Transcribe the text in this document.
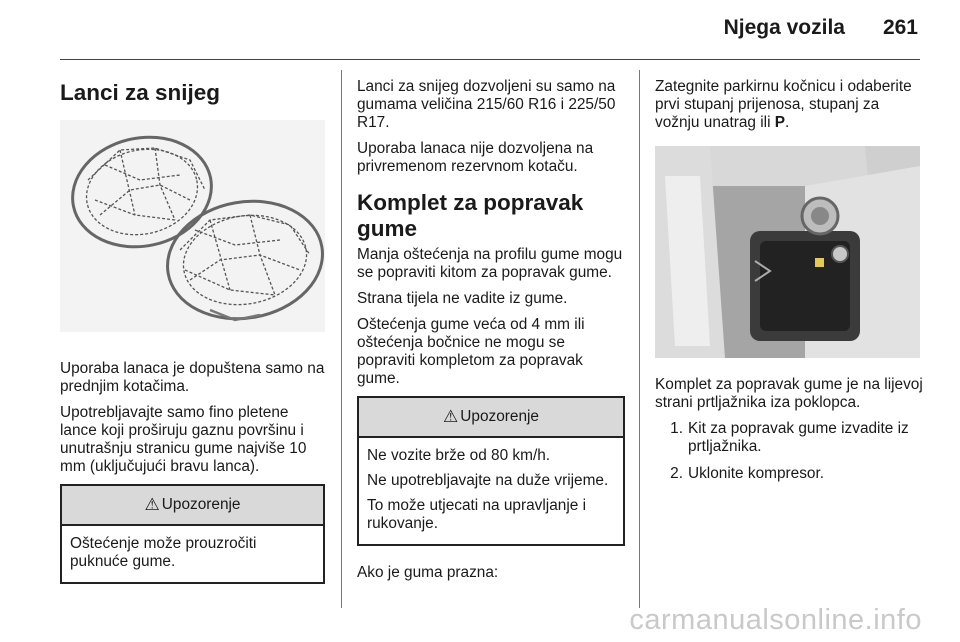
Njega vozila 261
Lanci za snijeg

Uporaba lanaca je dopuštena samo na prednjim kotačima.

Upotrebljavajte samo fino pletene lance koji proširuju gaznu površinu i unutrašnju stranicu gume najviše 10 mm (uključujući bravu lanca).

⚠ Upozorenje

Oštećenje može prouzročiti puknuće gume.

Lanci za snijeg dozvoljeni su samo na gumama veličina 215/60 R16 i 225/50 R17.

Uporaba lanaca nije dozvoljena na privremenom rezervnom kotaču.

Komplet za popravak gume

Manja oštećenja na profilu gume mogu se popraviti kitom za popravak gume.

Strana tijela ne vadite iz gume.

Oštećenja gume veća od 4 mm ili oštećenja bočnice ne mogu se popraviti kompletom za popravak gume.

⚠ Upozorenje

Ne vozite brže od 80 km/h.

Ne upotrebljavajte na duže vrijeme.

To može utjecati na upravljanje i rukovanje.

Ako je guma prazna:

Zategnite parkirnu kočnicu i odaberite prvi stupanj prijenosa, stupanj za vožnju unatrag ili P.

Komplet za popravak gume je na lijevoj strani prtljažnika iza poklopca.

1. Kit za popravak gume izvadite iz prtljažnika.
2. Uklonite kompresor.
carmanualsonline.info
